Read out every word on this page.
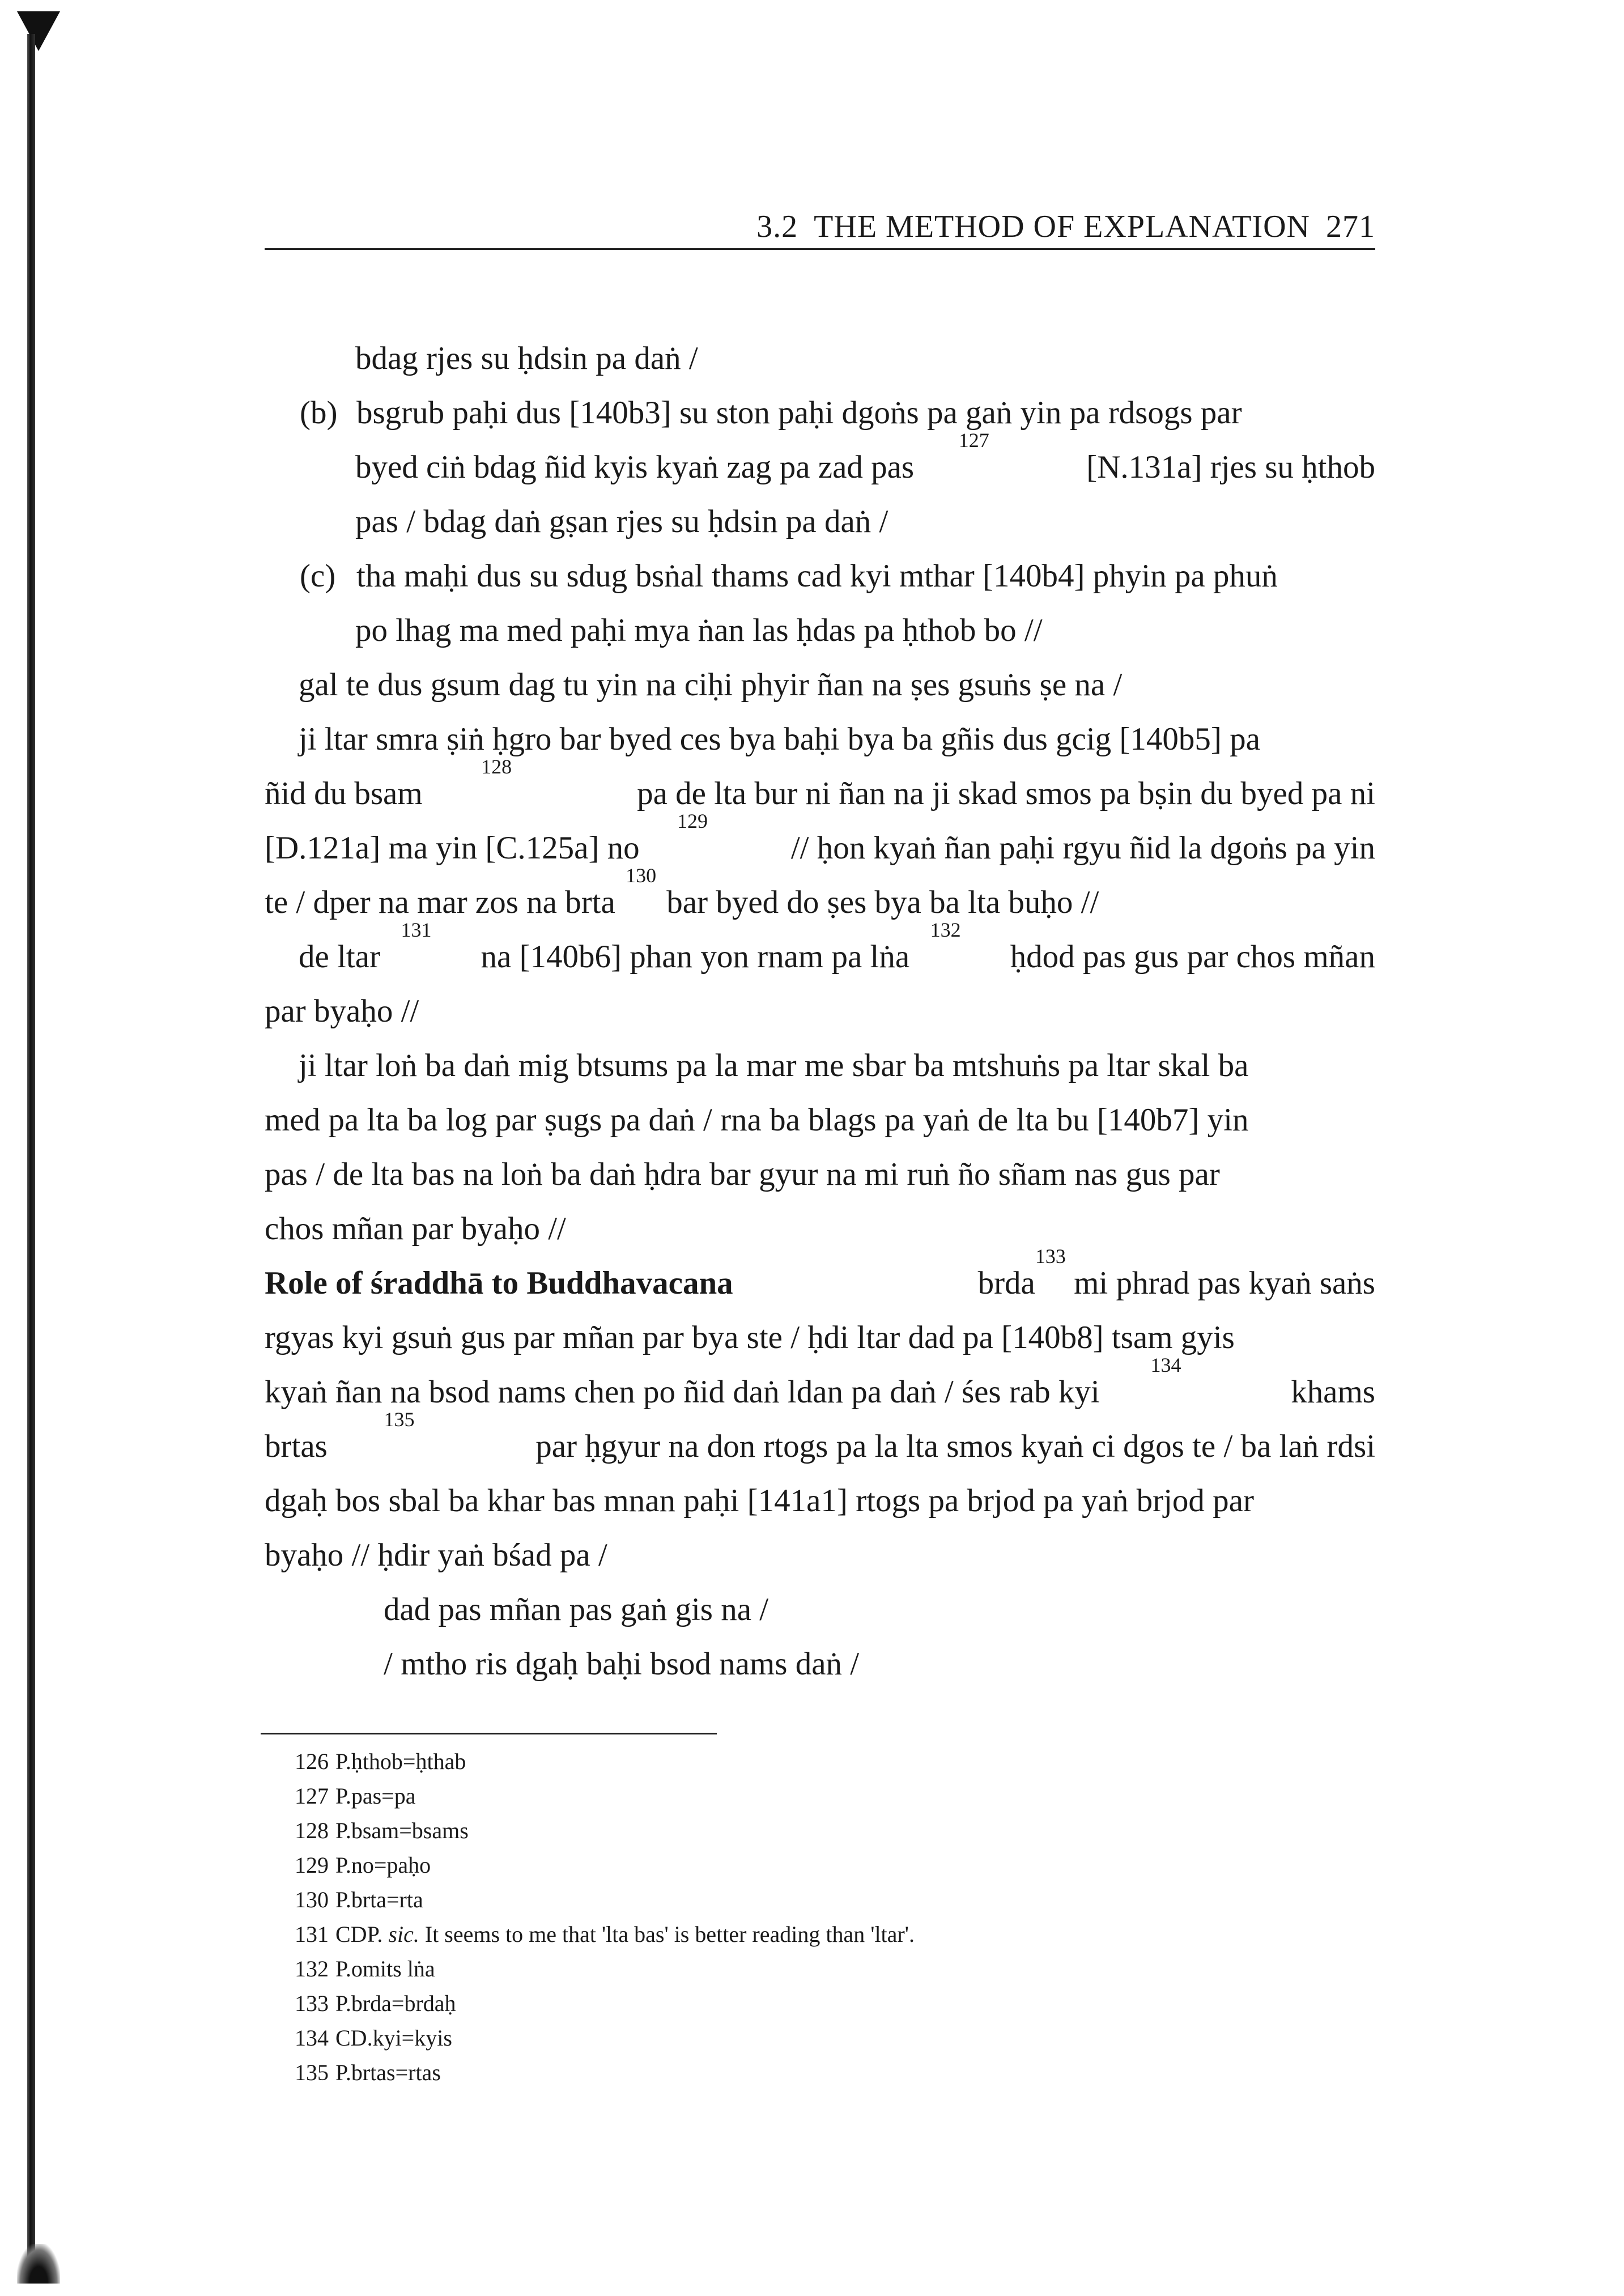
3.2 THE METHOD OF EXPLANATION 271
bdag rjes su ḥdsin pa daṅ /
(b) bsgrub paḥi dus [140b3] su ston paḥi dgoṅs pa gaṅ yin pa rdsogs par
byed ciṅ bdag ñid kyis kyaṅ zag pa zad pas
127

[N.131a] rjes su ḥthob
pas / bdag daṅ gṣan rjes su ḥdsin pa daṅ /
(c) tha maḥi dus su sdug bsṅal thams cad kyi mthar [140b4] phyin pa phuṅ
po lhag ma med paḥi mya ṅan las ḥdas pa ḥthob bo //
gal te dus gsum dag tu yin na ciḥi phyir ñan na ṣes gsuṅs ṣe na /
ji ltar smra ṣiṅ ḥgro bar byed ces bya baḥi bya ba gñis dus gcig [140b5] pa
ñid du bsam
128

pa de lta bur ni ñan na ji skad smos pa bṣin du byed pa ni
[D.121a] ma yin [C.125a] no
129

// ḥon kyaṅ ñan paḥi rgyu ñid la dgoṅs pa yin
te / dper na mar zos na brta
130
bar byed do ṣes bya ba lta buḥo //
de ltar
131

na [140b6] phan yon rnam pa lṅa
132

ḥdod pas gus par chos mñan
par byaḥo //
ji ltar loṅ ba daṅ mig btsums pa la mar me sbar ba mtshuṅs pa ltar skal ba
med pa lta ba log par ṣugs pa daṅ / rna ba blags pa yaṅ de lta bu [140b7] yin
pas / de lta bas na loṅ ba daṅ ḥdra bar gyur na mi ruṅ ño sñam nas gus par
chos mñan par byaḥo //
Role of śraddhā to Buddhavacana	brda
133

mi phrad pas kyaṅ saṅs
rgyas kyi gsuṅ gus par mñan par bya ste / ḥdi ltar dad pa [140b8] tsam gyis
kyaṅ ñan na bsod nams chen po ñid daṅ ldan pa daṅ / śes rab kyi
134

khams
brtas
135

par ḥgyur na don rtogs pa la lta smos kyaṅ ci dgos te / ba laṅ rdsi
dgaḥ bos sbal ba khar bas mnan paḥi [141a1] rtogs pa brjod pa yaṅ brjod par
byaḥo // ḥdir yaṅ bśad pa /
dad pas mñan pas gaṅ gis na /
/ mtho ris dgaḥ baḥi bsod nams daṅ /
126 P.ḥthob=ḥthab
127 P.pas=pa
128 P.bsam=bsams
129 P.no=paḥo
130 P.brta=rta
131 CDP. sic. It seems to me that 'lta bas' is better reading than 'ltar'.
132 P.omits lṅa
133 P.brda=brdaḥ
134 CD.kyi=kyis
135 P.brtas=rtas
